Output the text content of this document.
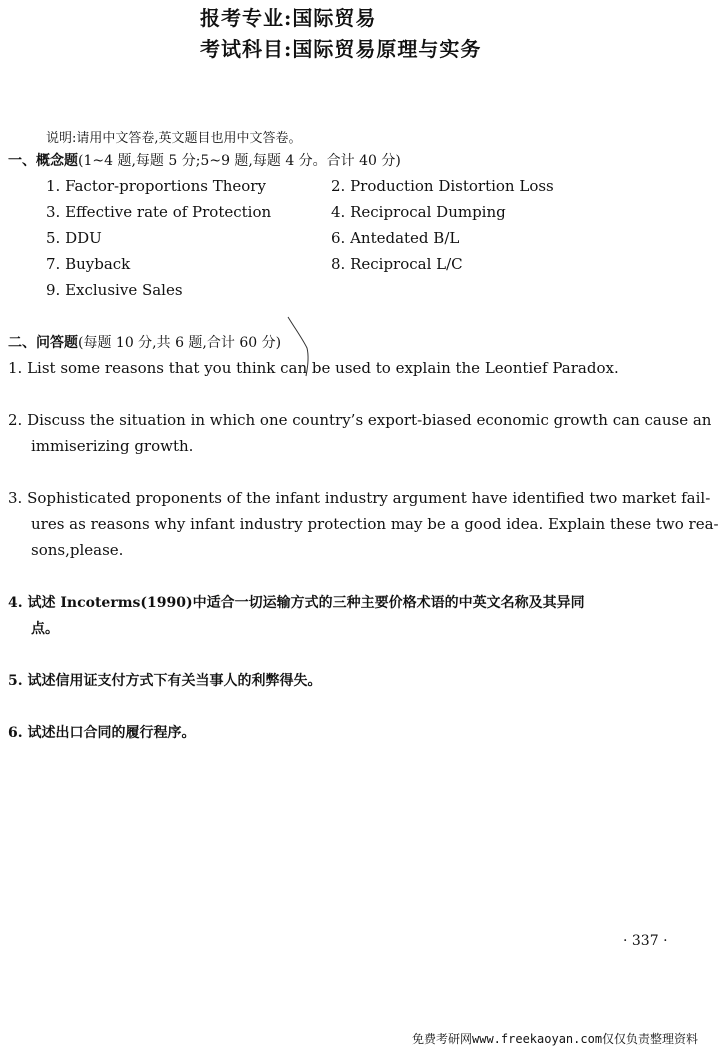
报考专业:国际贸易
考试科目:国际贸易原理与实务
说明:请用中文答卷,英文题目也用中文答卷。
一、概念题(1~4 题,每题 5 分;5~9 题,每题 4 分。合计 40 分)
1. Factor-proportions Theory	2. Production Distortion Loss
3. Effective rate of Protection	4. Reciprocal Dumping
5. DDU	6. Antedated B/L
7. Buyback	8. Reciprocal L/C
9. Exclusive Sales
二、问答题(每题 10 分,共 6 题,合计 60 分)
1. List some reasons that you think can be used to explain the Leontief Paradox.
2. Discuss the situation in which one country’s export-biased economic growth can cause an
immiserizing growth.
3. Sophisticated proponents of the infant industry argument have identified two market fail-
ures as reasons why infant industry protection may be a good idea. Explain these two rea-
sons,please.
4. 试述 Incoterms(1990)中适合一切运输方式的三种主要价格术语的中英文名称及其异同
点。
5. 试述信用证支付方式下有关当事人的利弊得失。
6. 试述出口合同的履行程序。
· 337 ·
免费考研网www.freekaoyan.com仅仅负责整理资料
